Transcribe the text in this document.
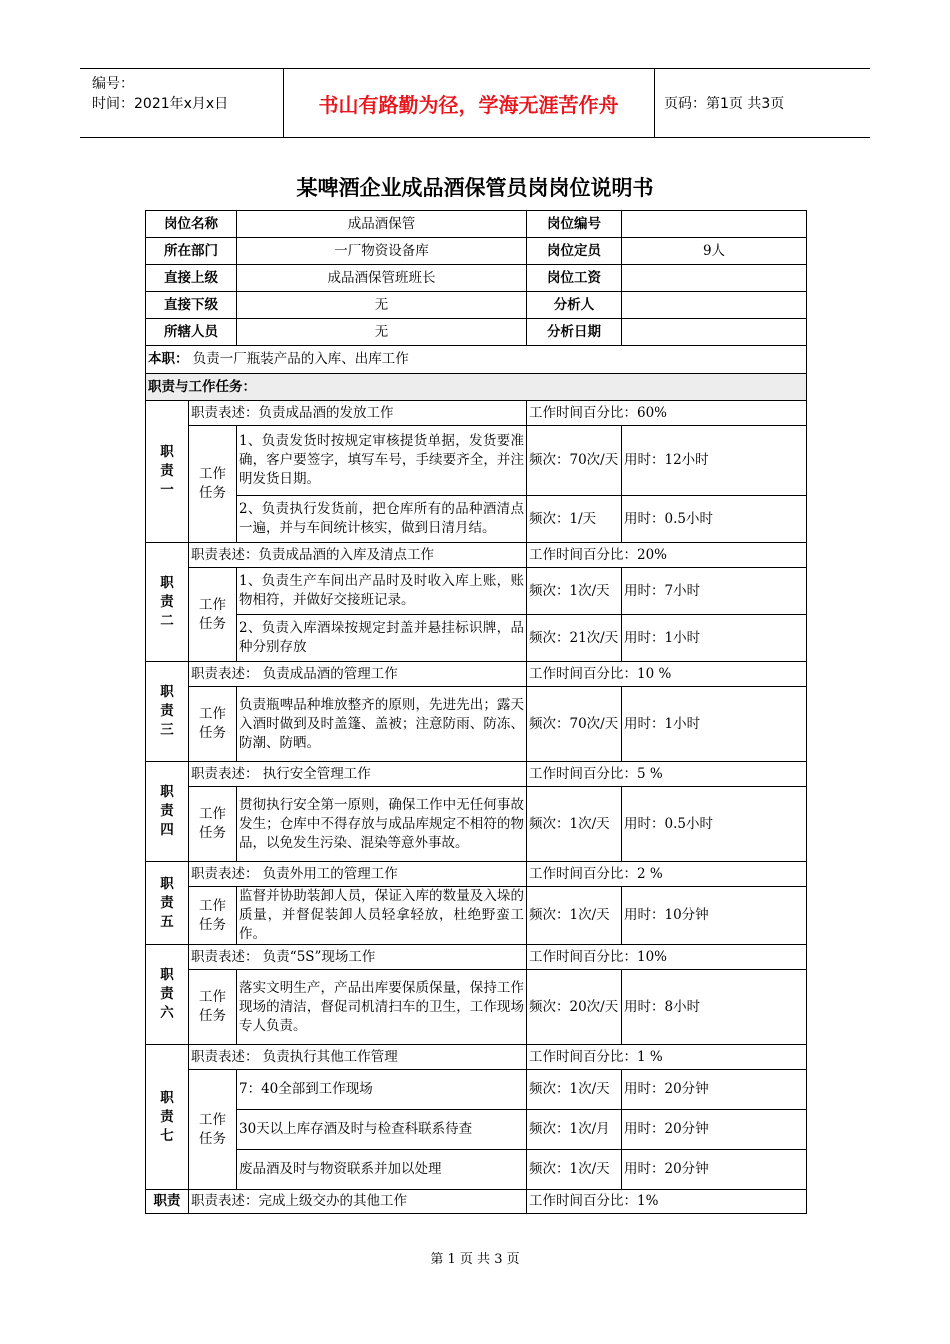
编号：
时间：2021年x月x日	书山有路勤为径，学海无涯苦作舟	页码：第1页 共3页
某啤酒企业成品酒保管员岗岗位说明书
岗位名称		成品酒保管	岗位编号	
所在部门		一厂物资设备库	岗位定员	9人
直接上级		成品酒保管班班长	岗位工资	
直接下级		无	分析人	
所辖人员		无	分析日期	
本职： 负责一厂瓶装产品的入库、出库工作				
职责与工作任务：				
职
责
一	职责表述：负责成品酒的发放工作		工作时间百分比：60%	
	工作
任务	1、负责发货时按规定审核提货单据，发货要准确，客户要签字，填写车号，手续要齐全，并注明发货日期。	频次：70次/天	用时：12小时
		2、负责执行发货前，把仓库所有的品种酒清点一遍，并与车间统计核实，做到日清月结。	频次：1/天	用时：0.5小时
职
责
二	职责表述：负责成品酒的入库及清点工作		工作时间百分比：20%	
	工作
任务	1、负责生产车间出产品时及时收入库上账，账物相符，并做好交接班记录。	频次：1次/天	用时：7小时
		2、负责入库酒垛按规定封盖并悬挂标识牌，品种分别存放	频次：21次/天	用时：1小时
职
责
三	职责表述： 负责成品酒的管理工作		工作时间百分比：10 %	
	工作
任务	负责瓶啤品种堆放整齐的原则，先进先出；露天入酒时做到及时盖篷、盖被；注意防雨、防冻、防潮、防晒。	频次：70次/天	用时：1小时
职
责
四	职责表述： 执行安全管理工作		工作时间百分比：5 %	
	工作
任务	贯彻执行安全第一原则，确保工作中无任何事故发生；仓库中不得存放与成品库规定不相符的物品，以免发生污染、混染等意外事故。	频次：1次/天	用时：0.5小时
职
责
五	职责表述： 负责外用工的管理工作		工作时间百分比：2 %	
	工作
任务	监督并协助装卸人员，保证入库的数量及入垛的质量，并督促装卸人员轻拿轻放，杜绝野蛮工作。	频次：1次/天	用时：10分钟
职
责
六	职责表述： 负责“5S”现场工作		工作时间百分比：10%	
	工作
任务	落实文明生产，产品出库要保质保量，保持工作现场的清洁，督促司机清扫车的卫生，工作现场专人负责。	频次：20次/天	用时：8小时
职
责
七	职责表述： 负责执行其他工作管理		工作时间百分比：1 %	
	工作
任务	7：40全部到工作现场	频次：1次/天	用时：20分钟
		30天以上库存酒及时与检查科联系待查	频次：1次/月	用时：20分钟
		废品酒及时与物资联系并加以处理	频次：1次/天	用时：20分钟
职责	职责表述：完成上级交办的其他工作		工作时间百分比：1%	
第 1 页 共 3 页
